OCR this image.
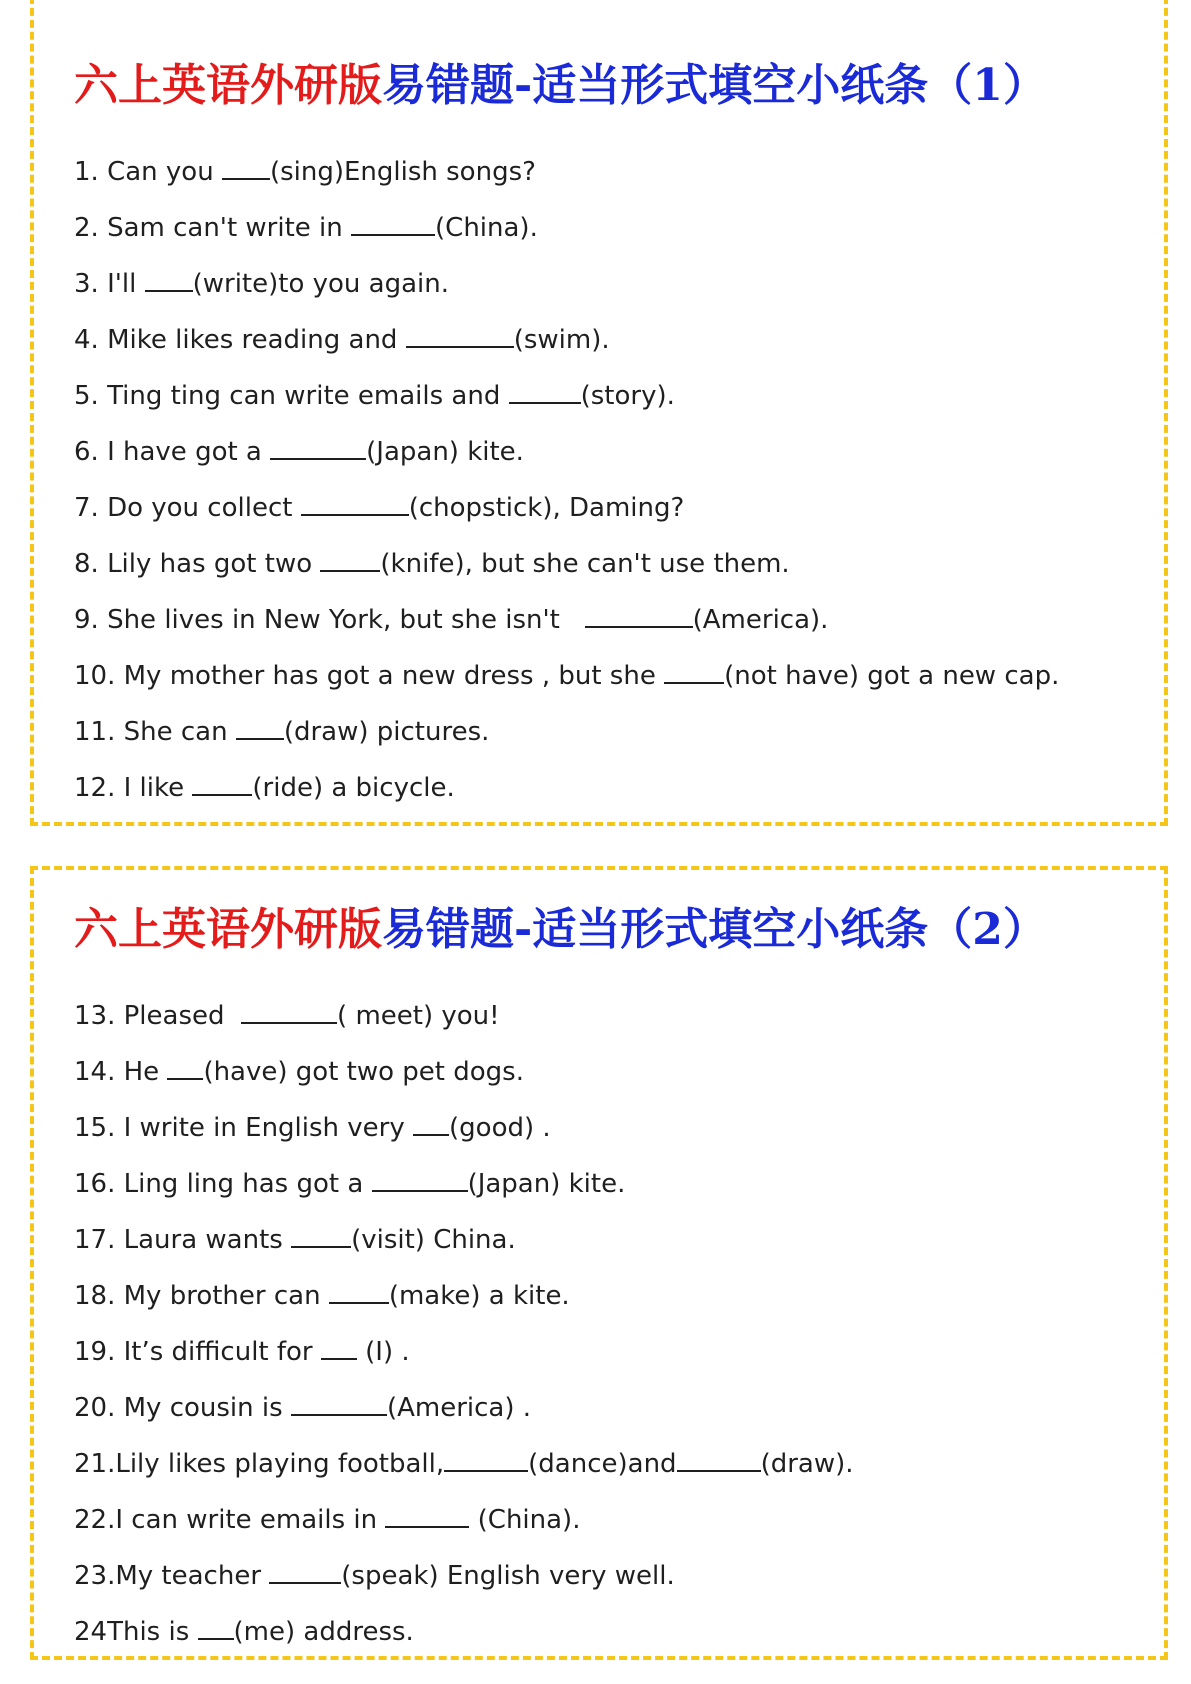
六上英语外研版易错题-适当形式填空小纸条（1）
1. Can you (sing)English songs?
2. Sam can't write in	(China).
3. I'll (write)to you again.
4. Mike likes reading and	(swim).
5. Ting ting can write emails and	(story).
6. I have got a	(Japan) kite.
7. Do you collect	(chopstick), Daming?
8. Lily has got two (knife), but she can't use them.
9. She lives in New York, but she isn't	(America).
10. My mother has got a new dress , but she (not have) got a new cap.
11. She can (draw) pictures.
12. I like (ride) a bicycle.
六上英语外研版易错题-适当形式填空小纸条（2）
13. Pleased	( meet) you!
14. He (have) got two pet dogs.
15. I write in English very (good) .
16. Ling ling has got a	(Japan) kite.
17. Laura wants (visit) China.
18. My brother can (make) a kite.
19. It’s difficult for  (I) .
20. My cousin is	(America) .
21.Lily likes playing football,	(dance)and	(draw).
22.I can write emails in	(China).
23.My teacher	(speak) English very well.
24This is (me) address.
